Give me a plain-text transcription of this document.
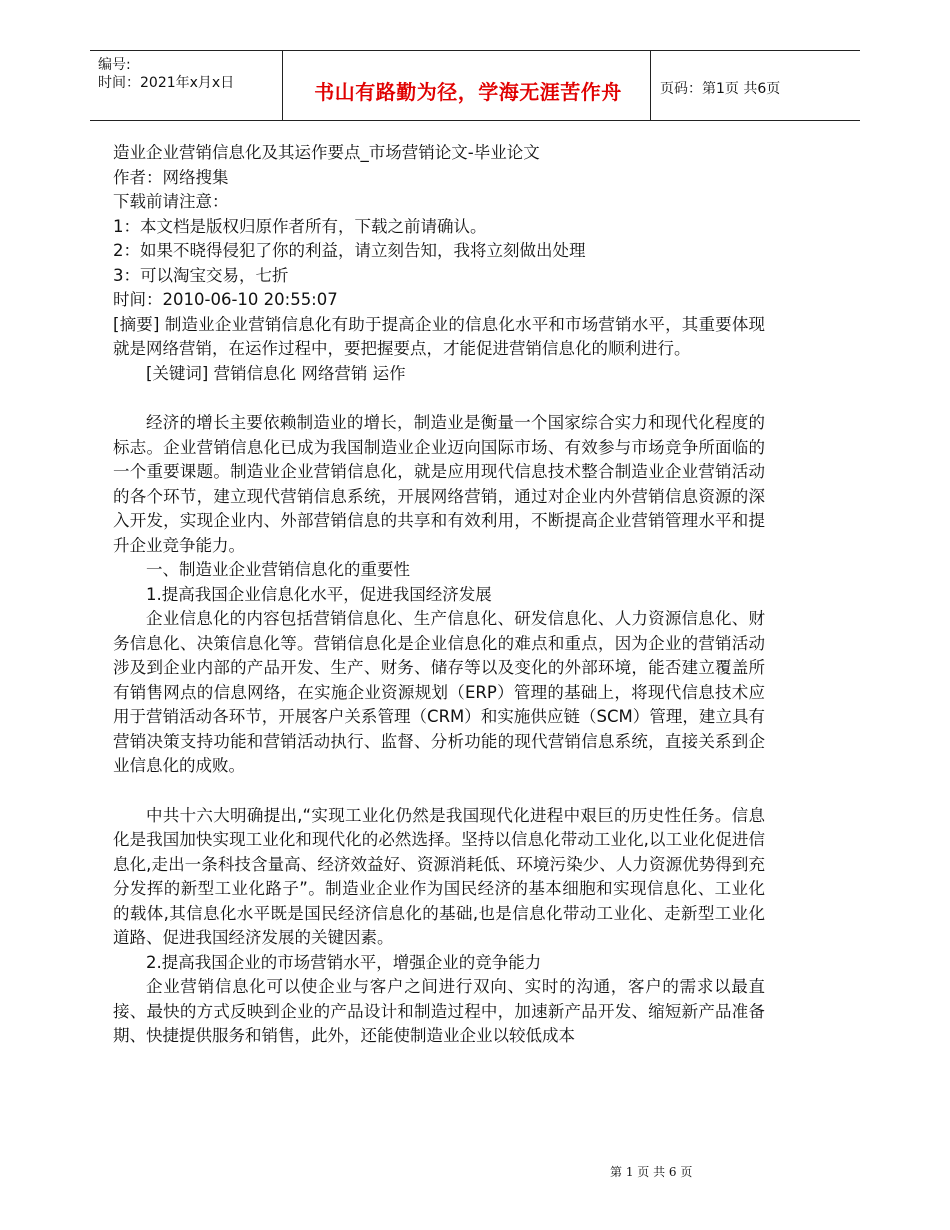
编号:
时间：2021年x月x日	书山有路勤为径，学海无涯苦作舟	页码：第1页 共6页

造业企业营销信息化及其运作要点_市场营销论文-毕业论文

作者：网络搜集

下载前请注意：

1：本文档是版权归原作者所有，下载之前请确认。

2：如果不晓得侵犯了你的利益，请立刻告知，我将立刻做出处理

3：可以淘宝交易，七折

时间：2010-06-10 20:55:07

[摘要] 制造业企业营销信息化有助于提高企业的信息化水平和市场营销水平，其重要体现就是网络营销，在运作过程中，要把握要点，才能促进营销信息化的顺利进行。

[关键词] 营销信息化 网络营销 运作

经济的增长主要依赖制造业的增长，制造业是衡量一个国家综合实力和现代化程度的标志。企业营销信息化已成为我国制造业企业迈向国际市场、有效参与市场竞争所面临的一个重要课题。制造业企业营销信息化，就是应用现代信息技术整合制造业企业营销活动的各个环节，建立现代营销信息系统，开展网络营销，通过对企业内外营销信息资源的深入开发，实现企业内、外部营销信息的共享和有效利用，不断提高企业营销管理水平和提升企业竞争能力。

一、制造业企业营销信息化的重要性

1.提高我国企业信息化水平，促进我国经济发展

企业信息化的内容包括营销信息化、生产信息化、研发信息化、人力资源信息化、财务信息化、决策信息化等。营销信息化是企业信息化的难点和重点，因为企业的营销活动涉及到企业内部的产品开发、生产、财务、储存等以及变化的外部环境，能否建立覆盖所有销售网点的信息网络，在实施企业资源规划（ERP）管理的基础上，将现代信息技术应用于营销活动各环节，开展客户关系管理（CRM）和实施供应链（SCM）管理，建立具有营销决策支持功能和营销活动执行、监督、分析功能的现代营销信息系统，直接关系到企业信息化的成败。

中共十六大明确提出,“实现工业化仍然是我国现代化进程中艰巨的历史性任务。信息化是我国加快实现工业化和现代化的必然选择。坚持以信息化带动工业化,以工业化促进信息化,走出一条科技含量高、经济效益好、资源消耗低、环境污染少、人力资源优势得到充分发挥的新型工业化路子”。制造业企业作为国民经济的基本细胞和实现信息化、工业化的载体,其信息化水平既是国民经济信息化的基础,也是信息化带动工业化、走新型工业化道路、促进我国经济发展的关键因素。

2.提高我国企业的市场营销水平，增强企业的竞争能力

企业营销信息化可以使企业与客户之间进行双向、实时的沟通，客户的需求以最直接、最快的方式反映到企业的产品设计和制造过程中，加速新产品开发、缩短新产品准备期、快捷提供服务和销售，此外，还能使制造业企业以较低成本

第 1 页 共 6 页
